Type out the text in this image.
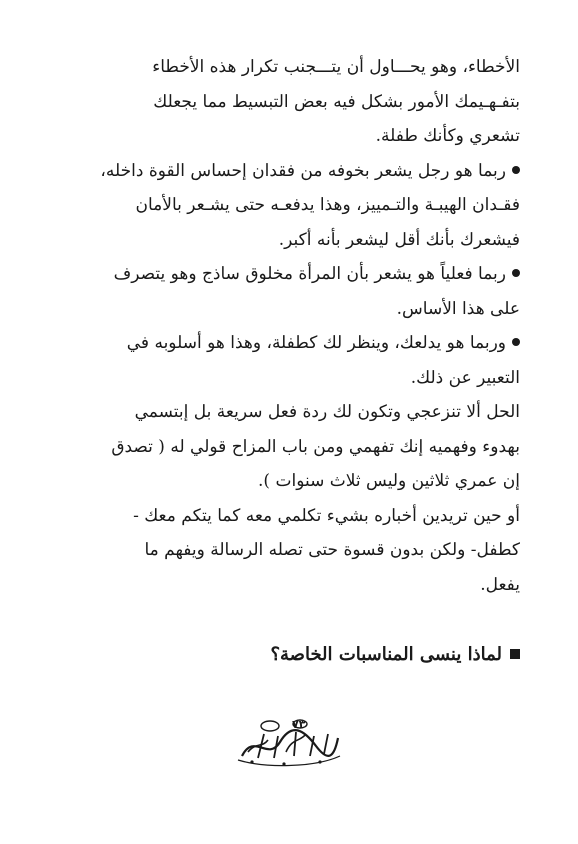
الأخطاء، وهو يحـــاول أن يتـــجنب تكرار هذه الأخطاء
بتفـهـيمك الأمور بشكل فيه بعض التبسيط مما يجعلك
تشعري وكأنك طفلة.

ربما هو رجل يشعر بخوفه من فقدان إحساس القوة داخله،
فقـدان الهيبـة والتـمييز، وهذا يدفعـه حتى يشـعر بالأمان
فيشعرك بأنك أقل ليشعر بأنه أكبر.

ربما فعلياً هو يشعر بأن المرأة مخلوق ساذج وهو يتصرف
على هذا الأساس.

وربما هو يدلعك، وينظر لك كطفلة، وهذا هو أسلوبه في
التعبير عن ذلك.

الحل ألا تنزعجي وتكون لك ردة فعل سريعة بل إبتسمي
بهدوء وفهميه إنك تفهمي ومن باب المزاح قولي له ( تصدق
إن عمري ثلاثين وليس ثلاث سنوات ).

أو حين تريدين أخباره بشيء تكلمي معه كما يتكم معك -
كطفل- ولكن بدون قسوة حتى تصله الرسالة ويفهم ما
يفعل.

لماذا ينسى المناسبات الخاصة؟
٧٣
